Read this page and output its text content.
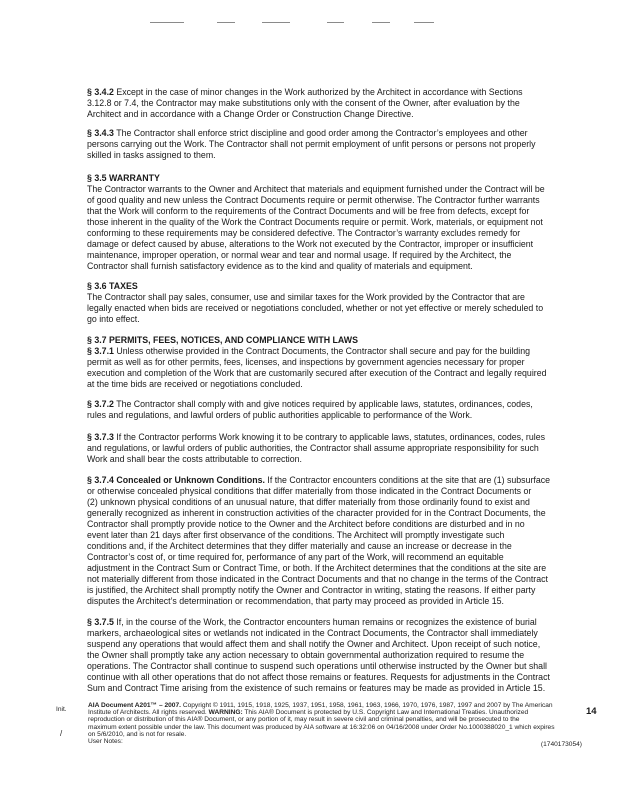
§ 3.4.2 Except in the case of minor changes in the Work authorized by the Architect in accordance with Sections
3.12.8 or 7.4, the Contractor may make substitutions only with the consent of the Owner, after evaluation by the
Architect and in accordance with a Change Order or Construction Change Directive.
§ 3.4.3 The Contractor shall enforce strict discipline and good order among the Contractor’s employees and other
persons carrying out the Work. The Contractor shall not permit employment of unfit persons or persons not properly
skilled in tasks assigned to them.
§ 3.5 WARRANTY
The Contractor warrants to the Owner and Architect that materials and equipment furnished under the Contract will be
of good quality and new unless the Contract Documents require or permit otherwise. The Contractor further warrants
that the Work will conform to the requirements of the Contract Documents and will be free from defects, except for
those inherent in the quality of the Work the Contract Documents require or permit. Work, materials, or equipment not
conforming to these requirements may be considered defective. The Contractor’s warranty excludes remedy for
damage or defect caused by abuse, alterations to the Work not executed by the Contractor, improper or insufficient
maintenance, improper operation, or normal wear and tear and normal usage. If required by the Architect, the
Contractor shall furnish satisfactory evidence as to the kind and quality of materials and equipment.
§ 3.6 TAXES
The Contractor shall pay sales, consumer, use and similar taxes for the Work provided by the Contractor that are
legally enacted when bids are received or negotiations concluded, whether or not yet effective or merely scheduled to
go into effect.
§ 3.7 PERMITS, FEES, NOTICES, AND COMPLIANCE WITH LAWS
§ 3.7.1 Unless otherwise provided in the Contract Documents, the Contractor shall secure and pay for the building
permit as well as for other permits, fees, licenses, and inspections by government agencies necessary for proper
execution and completion of the Work that are customarily secured after execution of the Contract and legally required
at the time bids are received or negotiations concluded.
§ 3.7.2 The Contractor shall comply with and give notices required by applicable laws, statutes, ordinances, codes,
rules and regulations, and lawful orders of public authorities applicable to performance of the Work.
§ 3.7.3 If the Contractor performs Work knowing it to be contrary to applicable laws, statutes, ordinances, codes, rules
and regulations, or lawful orders of public authorities, the Contractor shall assume appropriate responsibility for such
Work and shall bear the costs attributable to correction.
§ 3.7.4 Concealed or Unknown Conditions. If the Contractor encounters conditions at the site that are (1) subsurface
or otherwise concealed physical conditions that differ materially from those indicated in the Contract Documents or
(2) unknown physical conditions of an unusual nature, that differ materially from those ordinarily found to exist and
generally recognized as inherent in construction activities of the character provided for in the Contract Documents, the
Contractor shall promptly provide notice to the Owner and the Architect before conditions are disturbed and in no
event later than 21 days after first observance of the conditions. The Architect will promptly investigate such
conditions and, if the Architect determines that they differ materially and cause an increase or decrease in the
Contractor’s cost of, or time required for, performance of any part of the Work, will recommend an equitable
adjustment in the Contract Sum or Contract Time, or both. If the Architect determines that the conditions at the site are
not materially different from those indicated in the Contract Documents and that no change in the terms of the Contract
is justified, the Architect shall promptly notify the Owner and Contractor in writing, stating the reasons. If either party
disputes the Architect’s determination or recommendation, that party may proceed as provided in Article 15.
§ 3.7.5 If, in the course of the Work, the Contractor encounters human remains or recognizes the existence of burial
markers, archaeological sites or wetlands not indicated in the Contract Documents, the Contractor shall immediately
suspend any operations that would affect them and shall notify the Owner and Architect. Upon receipt of such notice,
the Owner shall promptly take any action necessary to obtain governmental authorization required to resume the
operations. The Contractor shall continue to suspend such operations until otherwise instructed by the Owner but shall
continue with all other operations that do not affect those remains or features. Requests for adjustments in the Contract
Sum and Contract Time arising from the existence of such remains or features may be made as provided in Article 15.
Init.
/
14
AIA Document A201™ – 2007. Copyright © 1911, 1915, 1918, 1925, 1937, 1951, 1958, 1961, 1963, 1966, 1970, 1976, 1987, 1997 and 2007 by The American
Institute of Architects. All rights reserved. WARNING: This AIA® Document is protected by U.S. Copyright Law and International Treaties. Unauthorized
reproduction or distribution of this AIA® Document, or any portion of it, may result in severe civil and criminal penalties, and will be prosecuted to the
maximum extent possible under the law. This document was produced by AIA software at 16:32:06 on 04/16/2008 under Order No.1000388020_1 which expires
on 5/6/2010, and is not for resale.
User Notes:	(1740173054)
